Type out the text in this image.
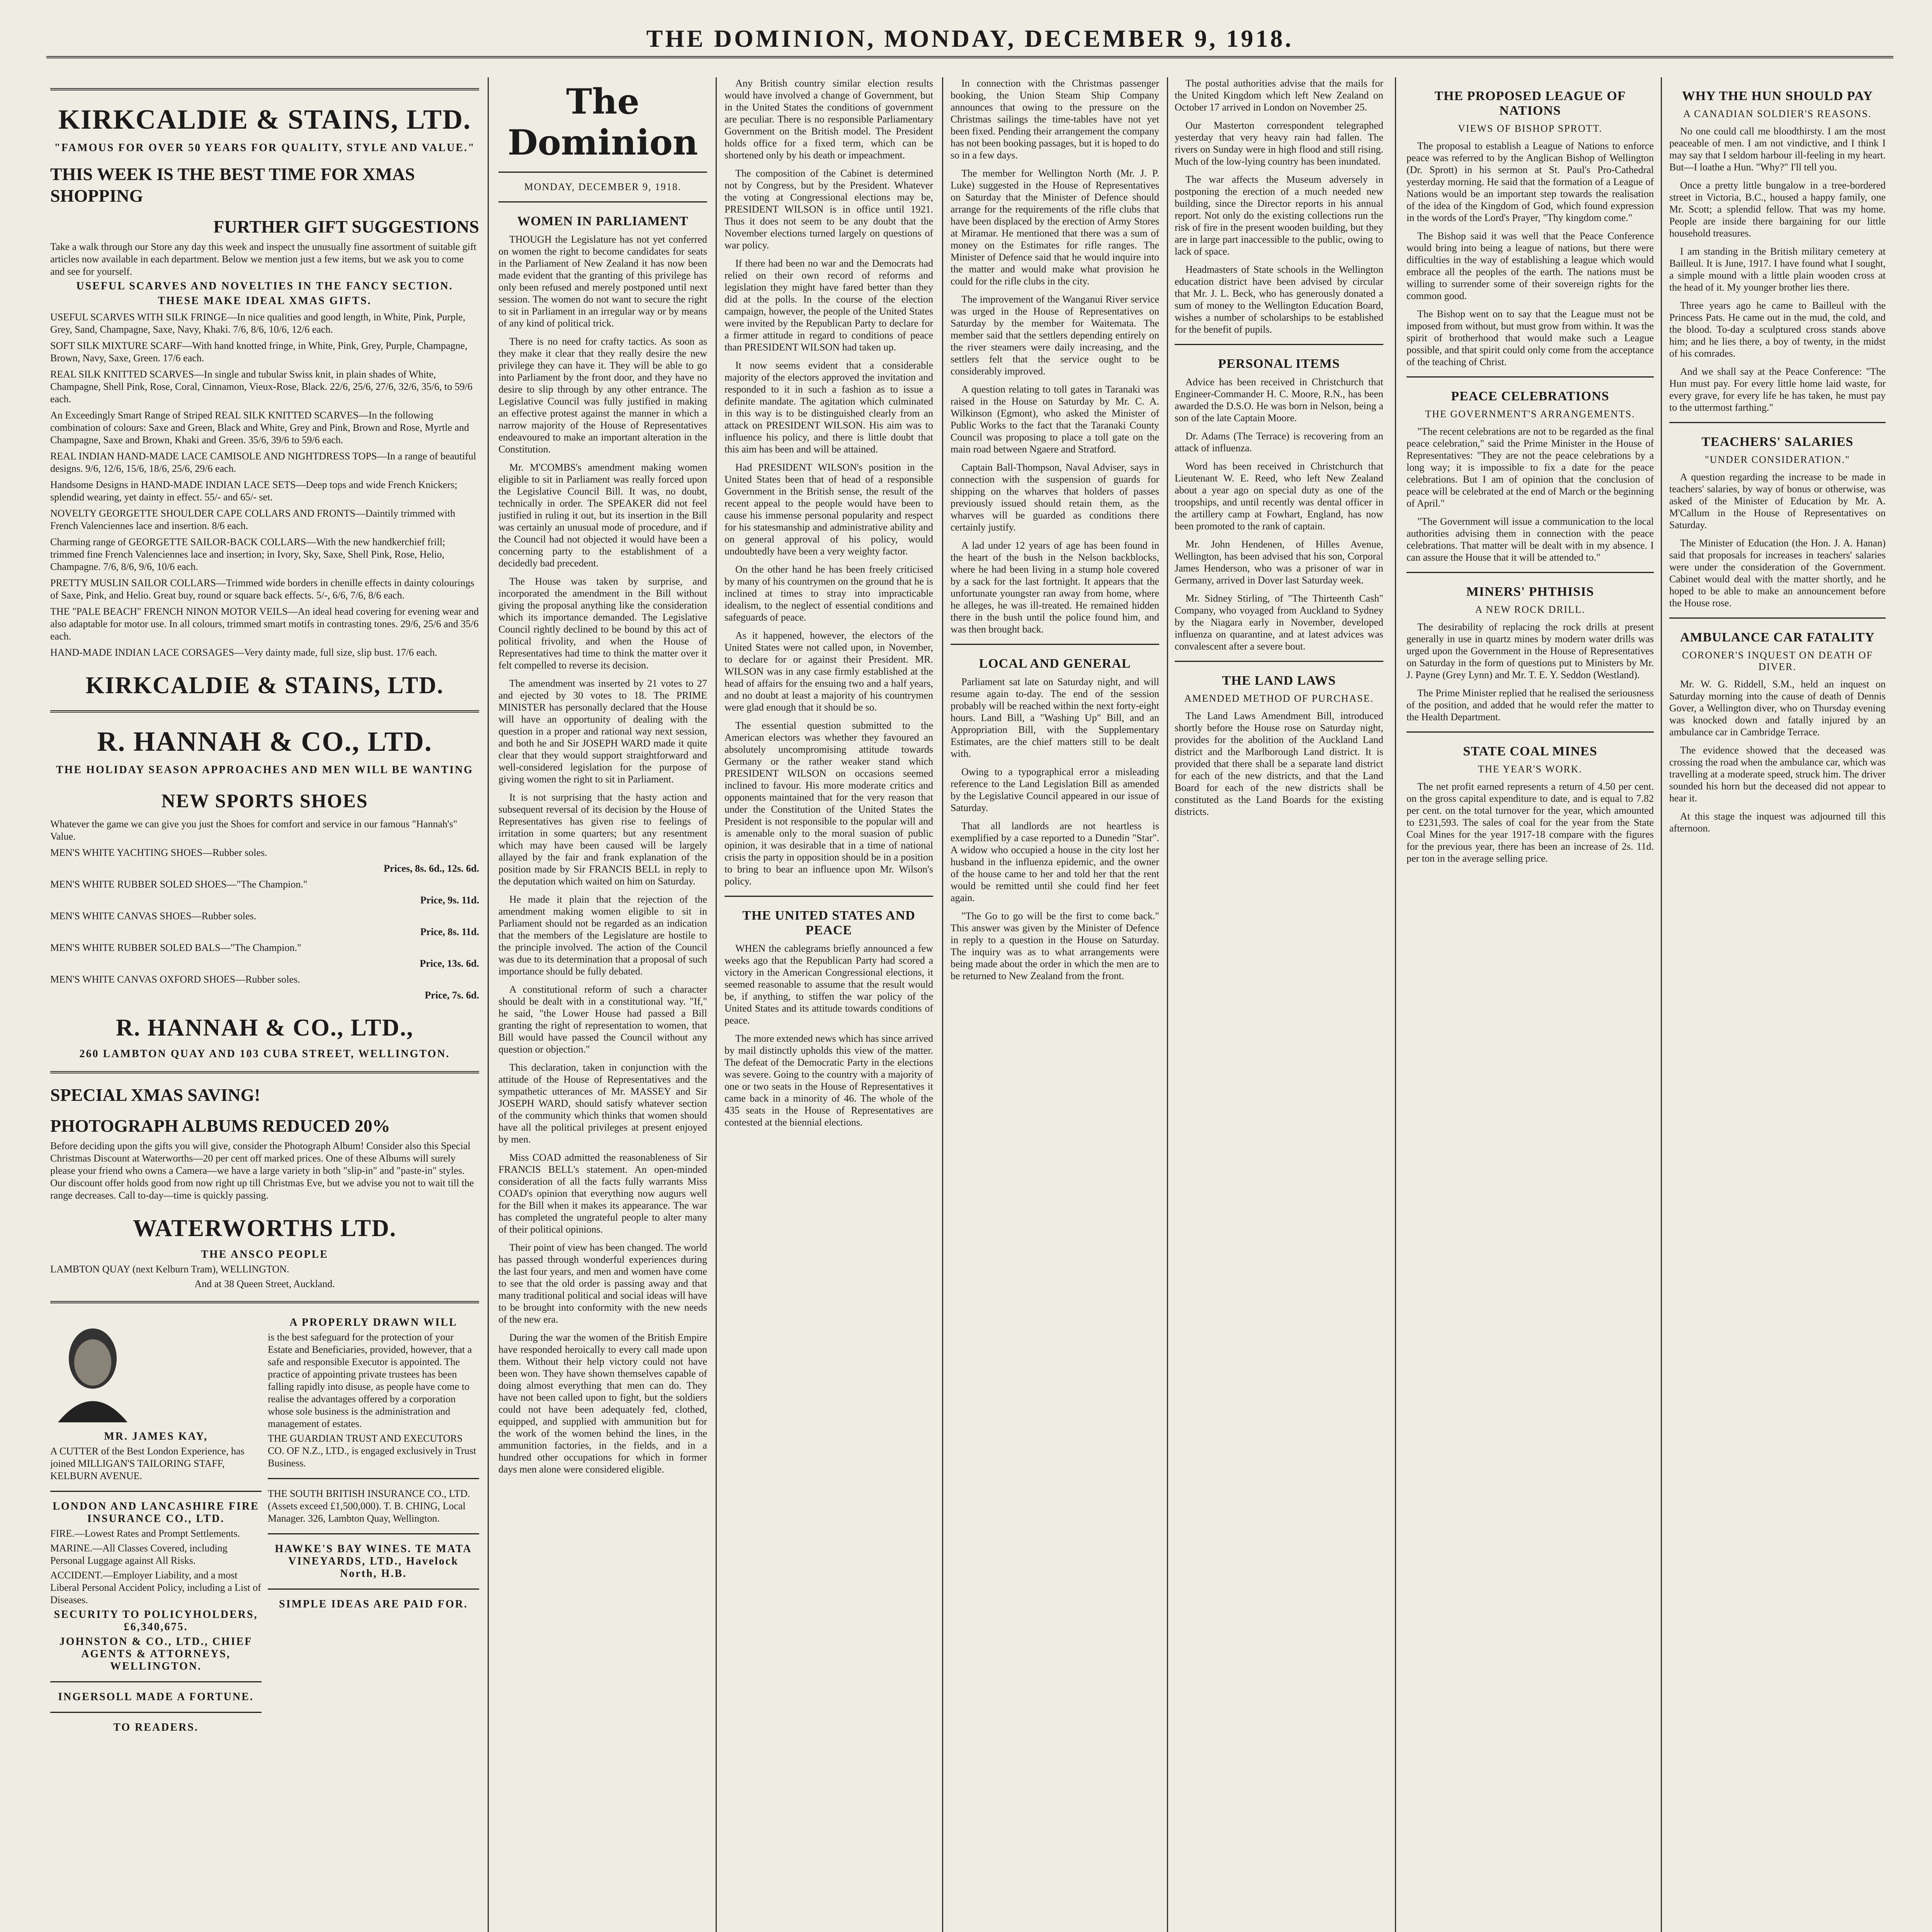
THE DOMINION, MONDAY, DECEMBER 9, 1918.
KIRKCALDIE & STAINS, LTD.
"FAMOUS FOR OVER 50 YEARS FOR QUALITY, STYLE AND VALUE."
THIS WEEK IS THE BEST TIME FOR XMAS SHOPPING
FURTHER GIFT SUGGESTIONS
Take a walk through our Store any day this week and inspect the unusually fine assortment of suitable gift articles now available in each department. Below we mention just a few items, but we ask you to come and see for yourself.
USEFUL SCARVES AND NOVELTIES IN THE FANCY SECTION.
THESE MAKE IDEAL XMAS GIFTS.
USEFUL SCARVES WITH SILK FRINGE—In nice qualities and good length, in White, Pink, Purple, Grey, Sand, Champagne, Saxe, Navy, Khaki. 7/6, 8/6, 10/6, 12/6 each.
SOFT SILK MIXTURE SCARF—With hand knotted fringe, in White, Pink, Grey, Purple, Champagne, Brown, Navy, Saxe, Green. 17/6 each.
REAL SILK KNITTED SCARVES—In single and tubular Swiss knit, in plain shades of White, Champagne, Shell Pink, Rose, Coral, Cinnamon, Vieux-Rose, Black. 22/6, 25/6, 27/6, 32/6, 35/6, to 59/6 each.
An Exceedingly Smart Range of Striped REAL SILK KNITTED SCARVES—In the following combination of colours: Saxe and Green, Black and White, Grey and Pink, Brown and Rose, Myrtle and Champagne, Saxe and Brown, Khaki and Green. 35/6, 39/6 to 59/6 each.
REAL INDIAN HAND-MADE LACE CAMISOLE AND NIGHTDRESS TOPS—In a range of beautiful designs. 9/6, 12/6, 15/6, 18/6, 25/6, 29/6 each.
Handsome Designs in HAND-MADE INDIAN LACE SETS—Deep tops and wide French Knickers; splendid wearing, yet dainty in effect. 55/- and 65/- set.
NOVELTY GEORGETTE SHOULDER CAPE COLLARS AND FRONTS—Daintily trimmed with French Valenciennes lace and insertion. 8/6 each.
Charming range of GEORGETTE SAILOR-BACK COLLARS—With the new handkerchief frill; trimmed fine French Valenciennes lace and insertion; in Ivory, Sky, Saxe, Shell Pink, Rose, Helio, Champagne. 7/6, 8/6, 9/6, 10/6 each.
PRETTY MUSLIN SAILOR COLLARS—Trimmed wide borders in chenille effects in dainty colourings of Saxe, Pink, and Helio. Great buy, round or square back effects. 5/-, 6/6, 7/6, 8/6 each.
THE "PALE BEACH" FRENCH NINON MOTOR VEILS—An ideal head covering for evening wear and also adaptable for motor use. In all colours, trimmed smart motifs in contrasting tones. 29/6, 25/6 and 35/6 each.
HAND-MADE INDIAN LACE CORSAGES—Very dainty made, full size, slip bust. 17/6 each.
KIRKCALDIE & STAINS, LTD.
R. HANNAH & CO., LTD.
THE HOLIDAY SEASON APPROACHES AND MEN WILL BE WANTING
NEW SPORTS SHOES
Whatever the game we can give you just the Shoes for comfort and service in our famous "Hannah's" Value.
MEN'S WHITE YACHTING SHOES—Rubber soles.
Prices, 8s. 6d., 12s. 6d.
MEN'S WHITE RUBBER SOLED SHOES—"The Champion."
Price, 9s. 11d.
MEN'S WHITE CANVAS SHOES—Rubber soles.
Price, 8s. 11d.
MEN'S WHITE RUBBER SOLED BALS—"The Champion."
Price, 13s. 6d.
MEN'S WHITE CANVAS OXFORD SHOES—Rubber soles.
Price, 7s. 6d.
R. HANNAH & CO., LTD.,
260 LAMBTON QUAY AND 103 CUBA STREET, WELLINGTON.
SPECIAL XMAS SAVING!
PHOTOGRAPH ALBUMS REDUCED 20%
Before deciding upon the gifts you will give, consider the Photograph Album! Consider also this Special Christmas Discount at Waterworths—20 per cent off marked prices. One of these Albums will surely please your friend who owns a Camera—we have a large variety in both "slip-in" and "paste-in" styles. Our discount offer holds good from now right up till Christmas Eve, but we advise you not to wait till the range decreases. Call to-day—time is quickly passing.
WATERWORTHS LTD.
THE ANSCO PEOPLE
LAMBTON QUAY (next Kelburn Tram), WELLINGTON.
And at 38 Queen Street, Auckland.
MR. JAMES KAY,
A CUTTER of the Best London Experience, has joined MILLIGAN'S TAILORING STAFF, KELBURN AVENUE.
LONDON AND LANCASHIRE FIRE INSURANCE CO., LTD.
FIRE.—Lowest Rates and Prompt Settlements.
MARINE.—All Classes Covered, including Personal Luggage against All Risks.
ACCIDENT.—Employer Liability, and a most Liberal Personal Accident Policy, including a List of Diseases.
SECURITY TO POLICYHOLDERS, £6,340,675.
JOHNSTON & CO., LTD., CHIEF AGENTS & ATTORNEYS, WELLINGTON.
INGERSOLL MADE A FORTUNE.
TO READERS.
A PROPERLY DRAWN WILL
is the best safeguard for the protection of your Estate and Beneficiaries, provided, however, that a safe and responsible Executor is appointed. The practice of appointing private trustees has been falling rapidly into disuse, as people have come to realise the advantages offered by a corporation whose sole business is the administration and management of estates.
THE GUARDIAN TRUST AND EXECUTORS CO. OF N.Z., LTD., is engaged exclusively in Trust Business.
THE SOUTH BRITISH INSURANCE CO., LTD. (Assets exceed £1,500,000). T. B. CHING, Local Manager. 326, Lambton Quay, Wellington.
HAWKE'S BAY WINES. TE MATA VINEYARDS, LTD., Havelock North, H.B.
SIMPLE IDEAS ARE PAID FOR.
The Dominion
MONDAY, DECEMBER 9, 1918.
WOMEN IN PARLIAMENT

THOUGH the Legislature has not yet conferred on women the right to become candidates for seats in the Parliament of New Zealand it has now been made evident that the granting of this privilege has only been refused and merely postponed until next session. The women do not want to secure the right to sit in Parliament in an irregular way or by means of any kind of political trick.

There is no need for crafty tactics. As soon as they make it clear that they really desire the new privilege they can have it. They will be able to go into Parliament by the front door, and they have no desire to slip through by any other entrance. The Legislative Council was fully justified in making an effective protest against the manner in which a narrow majority of the House of Representatives endeavoured to make an important alteration in the Constitution.

Mr. M'COMBS's amendment making women eligible to sit in Parliament was really forced upon the Legislative Council Bill. It was, no doubt, technically in order. The SPEAKER did not feel justified in ruling it out, but its insertion in the Bill was certainly an unusual mode of procedure, and if the Council had not objected it would have been a concerning party to the establishment of a decidedly bad precedent.

The House was taken by surprise, and incorporated the amendment in the Bill without giving the proposal anything like the consideration which its importance demanded. The Legislative Council rightly declined to be bound by this act of political frivolity, and when the House of Representatives had time to think the matter over it felt compelled to reverse its decision.

The amendment was inserted by 21 votes to 27 and ejected by 30 votes to 18. The PRIME MINISTER has personally declared that the House will have an opportunity of dealing with the question in a proper and rational way next session, and both he and Sir JOSEPH WARD made it quite clear that they would support straightforward and well-considered legislation for the purpose of giving women the right to sit in Parliament.

It is not surprising that the hasty action and subsequent reversal of its decision by the House of Representatives has given rise to feelings of irritation in some quarters; but any resentment which may have been caused will be largely allayed by the fair and frank explanation of the position made by Sir FRANCIS BELL in reply to the deputation which waited on him on Saturday.

He made it plain that the rejection of the amendment making women eligible to sit in Parliament should not be regarded as an indication that the members of the Legislature are hostile to the principle involved. The action of the Council was due to its determination that a proposal of such importance should be fully debated.

A constitutional reform of such a character should be dealt with in a constitutional way. "If," he said, "the Lower House had passed a Bill granting the right of representation to women, that Bill would have passed the Council without any question or objection."

This declaration, taken in conjunction with the attitude of the House of Representatives and the sympathetic utterances of Mr. MASSEY and Sir JOSEPH WARD, should satisfy whatever section of the community which thinks that women should have all the political privileges at present enjoyed by men.

Miss COAD admitted the reasonableness of Sir FRANCIS BELL's statement. An open-minded consideration of all the facts fully warrants Miss COAD's opinion that everything now augurs well for the Bill when it makes its appearance. The war has completed the ungrateful people to alter many of their political opinions.

Their point of view has been changed. The world has passed through wonderful experiences during the last four years, and men and women have come to see that the old order is passing away and that many traditional political and social ideas will have to be brought into conformity with the new needs of the new era.

During the war the women of the British Empire have responded heroically to every call made upon them. Without their help victory could not have been won. They have shown themselves capable of doing almost everything that men can do. They have not been called upon to fight, but the soldiers could not have been adequately fed, clothed, equipped, and supplied with ammunition but for the work of the women behind the lines, in the ammunition factories, in the fields, and in a hundred other occupations for which in former days men alone were considered eligible.

Any British country similar election results would have involved a change of Government, but in the United States the conditions of government are peculiar. There is no responsible Parliamentary Government on the British model. The President holds office for a fixed term, which can be shortened only by his death or impeachment.

The composition of the Cabinet is determined not by Congress, but by the President. Whatever the voting at Congressional elections may be, PRESIDENT WILSON is in office until 1921. Thus it does not seem to be any doubt that the November elections turned largely on questions of war policy.

If there had been no war and the Democrats had relied on their own record of reforms and legislation they might have fared better than they did at the polls. In the course of the election campaign, however, the people of the United States were invited by the Republican Party to declare for a firmer attitude in regard to conditions of peace than PRESIDENT WILSON had taken up.

It now seems evident that a considerable majority of the electors approved the invitation and responded to it in such a fashion as to issue a definite mandate. The agitation which culminated in this way is to be distinguished clearly from an attack on PRESIDENT WILSON. His aim was to influence his policy, and there is little doubt that this aim has been and will be attained.

Had PRESIDENT WILSON's position in the United States been that of head of a responsible Government in the British sense, the result of the recent appeal to the people would have been to cause his immense personal popularity and respect for his statesmanship and administrative ability and on general approval of his policy, would undoubtedly have been a very weighty factor.

On the other hand he has been freely criticised by many of his countrymen on the ground that he is inclined at times to stray into impracticable idealism, to the neglect of essential conditions and safeguards of peace.

As it happened, however, the electors of the United States were not called upon, in November, to declare for or against their President. MR. WILSON was in any case firmly established at the head of affairs for the ensuing two and a half years, and no doubt at least a majority of his countrymen were glad enough that it should be so.

The essential question submitted to the American electors was whether they favoured an absolutely uncompromising attitude towards Germany or the rather weaker stand which PRESIDENT WILSON on occasions seemed inclined to favour. His more moderate critics and opponents maintained that for the very reason that under the Constitution of the United States the President is not responsible to the popular will and is amenable only to the moral suasion of public opinion, it was desirable that in a time of national crisis the party in opposition should be in a position to bring to bear an influence upon Mr. Wilson's policy.

THE UNITED STATES AND PEACE

WHEN the cablegrams briefly announced a few weeks ago that the Republican Party had scored a victory in the American Congressional elections, it seemed reasonable to assume that the result would be, if anything, to stiffen the war policy of the United States and its attitude towards conditions of peace.

The more extended news which has since arrived by mail distinctly upholds this view of the matter. The defeat of the Democratic Party in the elections was severe. Going to the country with a majority of one or two seats in the House of Representatives it came back in a minority of 46. The whole of the 435 seats in the House of Representatives are contested at the biennial elections.

In connection with the Christmas passenger booking, the Union Steam Ship Company announces that owing to the pressure on the Christmas sailings the time-tables have not yet been fixed. Pending their arrangement the company has not been booking passages, but it is hoped to do so in a few days.

The member for Wellington North (Mr. J. P. Luke) suggested in the House of Representatives on Saturday that the Minister of Defence should arrange for the requirements of the rifle clubs that have been displaced by the erection of Army Stores at Miramar. He mentioned that there was a sum of money on the Estimates for rifle ranges. The Minister of Defence said that he would inquire into the matter and would make what provision he could for the rifle clubs in the city.

The improvement of the Wanganui River service was urged in the House of Representatives on Saturday by the member for Waitemata. The member said that the settlers depending entirely on the river steamers were daily increasing, and the settlers felt that the service ought to be considerably improved.

A question relating to toll gates in Taranaki was raised in the House on Saturday by Mr. C. A. Wilkinson (Egmont), who asked the Minister of Public Works to the fact that the Taranaki County Council was proposing to place a toll gate on the main road between Ngaere and Stratford.

Captain Ball-Thompson, Naval Adviser, says in connection with the suspension of guards for shipping on the wharves that holders of passes previously issued should retain them, as the wharves will be guarded as conditions there certainly justify.

A lad under 12 years of age has been found in the heart of the bush in the Nelson backblocks, where he had been living in a stump hole covered by a sack for the last fortnight. It appears that the unfortunate youngster ran away from home, where he alleges, he was ill-treated. He remained hidden there in the bush until the police found him, and was then brought back.

LOCAL AND GENERAL

Parliament sat late on Saturday night, and will resume again to-day. The end of the session probably will be reached within the next forty-eight hours. Land Bill, a "Washing Up" Bill, and an Appropriation Bill, with the Supplementary Estimates, are the chief matters still to be dealt with.

Owing to a typographical error a misleading reference to the Land Legislation Bill as amended by the Legislative Council appeared in our issue of Saturday.

That all landlords are not heartless is exemplified by a case reported to a Dunedin "Star". A widow who occupied a house in the city lost her husband in the influenza epidemic, and the owner of the house came to her and told her that the rent would be remitted until she could find her feet again.

"The Go to go will be the first to come back." This answer was given by the Minister of Defence in reply to a question in the House on Saturday. The inquiry was as to what arrangements were being made about the order in which the men are to be returned to New Zealand from the front.

The postal authorities advise that the mails for the United Kingdom which left New Zealand on October 17 arrived in London on November 25.

Our Masterton correspondent telegraphed yesterday that very heavy rain had fallen. The rivers on Sunday were in high flood and still rising. Much of the low-lying country has been inundated.

The war affects the Museum adversely in postponing the erection of a much needed new building, since the Director reports in his annual report. Not only do the existing collections run the risk of fire in the present wooden building, but they are in large part inaccessible to the public, owing to lack of space.

Headmasters of State schools in the Wellington education district have been advised by circular that Mr. J. L. Beck, who has generously donated a sum of money to the Wellington Education Board, wishes a number of scholarships to be established for the benefit of pupils.

PERSONAL ITEMS

Advice has been received in Christchurch that Engineer-Commander H. C. Moore, R.N., has been awarded the D.S.O. He was born in Nelson, being a son of the late Captain Moore.

Dr. Adams (The Terrace) is recovering from an attack of influenza.

Word has been received in Christchurch that Lieutenant W. E. Reed, who left New Zealand about a year ago on special duty as one of the troopships, and until recently was dental officer in the artillery camp at Fowhart, England, has now been promoted to the rank of captain.

Mr. John Hendenen, of Hilles Avenue, Wellington, has been advised that his son, Corporal James Henderson, who was a prisoner of war in Germany, arrived in Dover last Saturday week.

Mr. Sidney Stirling, of "The Thirteenth Cash" Company, who voyaged from Auckland to Sydney by the Niagara early in November, developed influenza on quarantine, and at latest advices was convalescent after a severe bout.

THE LAND LAWS
AMENDED METHOD OF PURCHASE.

The Land Laws Amendment Bill, introduced shortly before the House rose on Saturday night, provides for the abolition of the Auckland Land district and the Marlborough Land district. It is provided that there shall be a separate land district for each of the new districts, and that the Land Board for each of the new districts shall be constituted as the Land Boards for the existing districts.

THE PROPOSED LEAGUE OF NATIONS
VIEWS OF BISHOP SPROTT.

The proposal to establish a League of Nations to enforce peace was referred to by the Anglican Bishop of Wellington (Dr. Sprott) in his sermon at St. Paul's Pro-Cathedral yesterday morning. He said that the formation of a League of Nations would be an important step towards the realisation of the idea of the Kingdom of God, which found expression in the words of the Lord's Prayer, "Thy kingdom come."

The Bishop said it was well that the Peace Conference would bring into being a league of nations, but there were difficulties in the way of establishing a league which would embrace all the peoples of the earth. The nations must be willing to surrender some of their sovereign rights for the common good.

The Bishop went on to say that the League must not be imposed from without, but must grow from within. It was the spirit of brotherhood that would make such a League possible, and that spirit could only come from the acceptance of the teaching of Christ.

PEACE CELEBRATIONS
THE GOVERNMENT'S ARRANGEMENTS.

"The recent celebrations are not to be regarded as the final peace celebration," said the Prime Minister in the House of Representatives: "They are not the peace celebrations by a long way; it is impossible to fix a date for the peace celebrations. But I am of opinion that the conclusion of peace will be celebrated at the end of March or the beginning of April."

"The Government will issue a communication to the local authorities advising them in connection with the peace celebrations. That matter will be dealt with in my absence. I can assure the House that it will be attended to."

MINERS' PHTHISIS
A NEW ROCK DRILL.

The desirability of replacing the rock drills at present generally in use in quartz mines by modern water drills was urged upon the Government in the House of Representatives on Saturday in the form of questions put to Ministers by Mr. J. Payne (Grey Lynn) and Mr. T. E. Y. Seddon (Westland).

The Prime Minister replied that he realised the seriousness of the position, and added that he would refer the matter to the Health Department.

STATE COAL MINES
THE YEAR'S WORK.

The net profit earned represents a return of 4.50 per cent. on the gross capital expenditure to date, and is equal to 7.82 per cent. on the total turnover for the year, which amounted to £231,593. The sales of coal for the year from the State Coal Mines for the year 1917-18 compare with the figures for the previous year, there has been an increase of 2s. 11d. per ton in the average selling price.

WHY THE HUN SHOULD PAY
A CANADIAN SOLDIER'S REASONS.

No one could call me bloodthirsty. I am the most peaceable of men. I am not vindictive, and I think I may say that I seldom harbour ill-feeling in my heart. But—I loathe a Hun. "Why?" I'll tell you.

Once a pretty little bungalow in a tree-bordered street in Victoria, B.C., housed a happy family, one Mr. Scott; a splendid fellow. That was my home. People are inside there bargaining for our little household treasures.

I am standing in the British military cemetery at Bailleul. It is June, 1917. I have found what I sought, a simple mound with a little plain wooden cross at the head of it. My younger brother lies there.

Three years ago he came to Bailleul with the Princess Pats. He came out in the mud, the cold, and the blood. To-day a sculptured cross stands above him; and he lies there, a boy of twenty, in the midst of his comrades.

And we shall say at the Peace Conference: "The Hun must pay. For every little home laid waste, for every grave, for every life he has taken, he must pay to the uttermost farthing."

TEACHERS' SALARIES
"UNDER CONSIDERATION."

A question regarding the increase to be made in teachers' salaries, by way of bonus or otherwise, was asked of the Minister of Education by Mr. A. M'Callum in the House of Representatives on Saturday.

The Minister of Education (the Hon. J. A. Hanan) said that proposals for increases in teachers' salaries were under the consideration of the Government. Cabinet would deal with the matter shortly, and he hoped to be able to make an announcement before the House rose.

AMBULANCE CAR FATALITY
CORONER'S INQUEST ON DEATH OF DIVER.

Mr. W. G. Riddell, S.M., held an inquest on Saturday morning into the cause of death of Dennis Gover, a Wellington diver, who on Thursday evening was knocked down and fatally injured by an ambulance car in Cambridge Terrace.

The evidence showed that the deceased was crossing the road when the ambulance car, which was travelling at a moderate speed, struck him. The driver sounded his horn but the deceased did not appear to hear it.

At this stage the inquest was adjourned till this afternoon.
